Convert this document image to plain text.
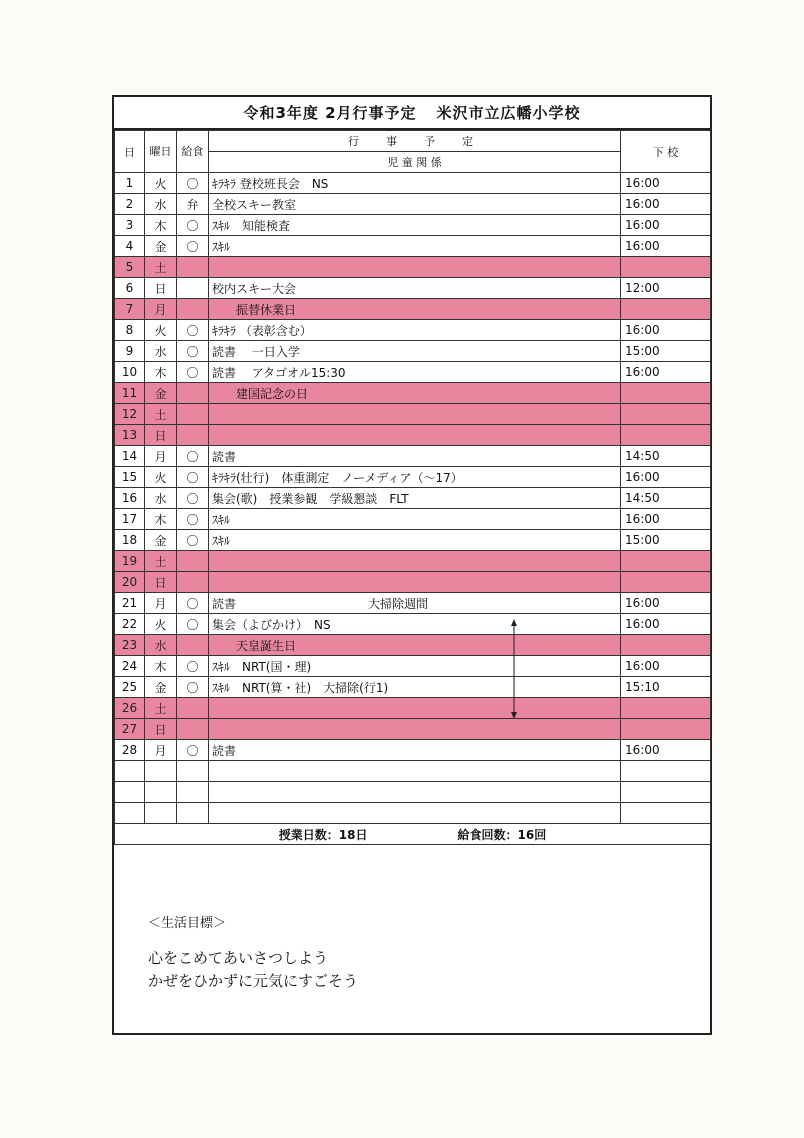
令和3年度 2月行事予定 米沢市立広幡小学校
日	曜日	給食	行　事　予　定	下 校
			児 童 関 係	
1	火	〇	ｷﾗｷﾗ 登校班長会　NS	16:00
2	水	弁	全校スキー教室	16:00
3	木	〇	ｽｷﾙ　知能検査	16:00
4	金	〇	ｽｷﾙ	16:00
5	土			
6	日		校内スキー大会	12:00
7	月		　　振替休業日	
8	火	〇	ｷﾗｷﾗ （表彰含む）	16:00
9	水	〇	読書　 一日入学	15:00
10	木	〇	読書　 アタゴオル15:30	16:00
11	金		　　建国記念の日	
12	土			
13	日			
14	月	〇	読書	14:50
15	火	〇	ｷﾗｷﾗ(壮行)　体重測定　ノーメディア（～17）	16:00
16	水	〇	集会(歌)　授業参観　学級懇談　FLT	14:50
17	木	〇	ｽｷﾙ	16:00
18	金	〇	ｽｷﾙ	15:00
19	土			
20	日			
21	月	〇	読書　　　　　　　　　　　大掃除週間	16:00
22	火	〇	集会（よびかけ）　NS	16:00
23	水		　　天皇誕生日	
24	木	〇	ｽｷﾙ　NRT(国・理)	16:00
25	金	〇	ｽｷﾙ　NRT(算・社)　大掃除(行1)	15:10
26	土			
27	日			
28	月	〇	読書	16:00

授業日数：18日 給食回数：16回				
＜生活目標＞
心をこめてあいさつしよう
かぜをひかずに元気にすごそう
